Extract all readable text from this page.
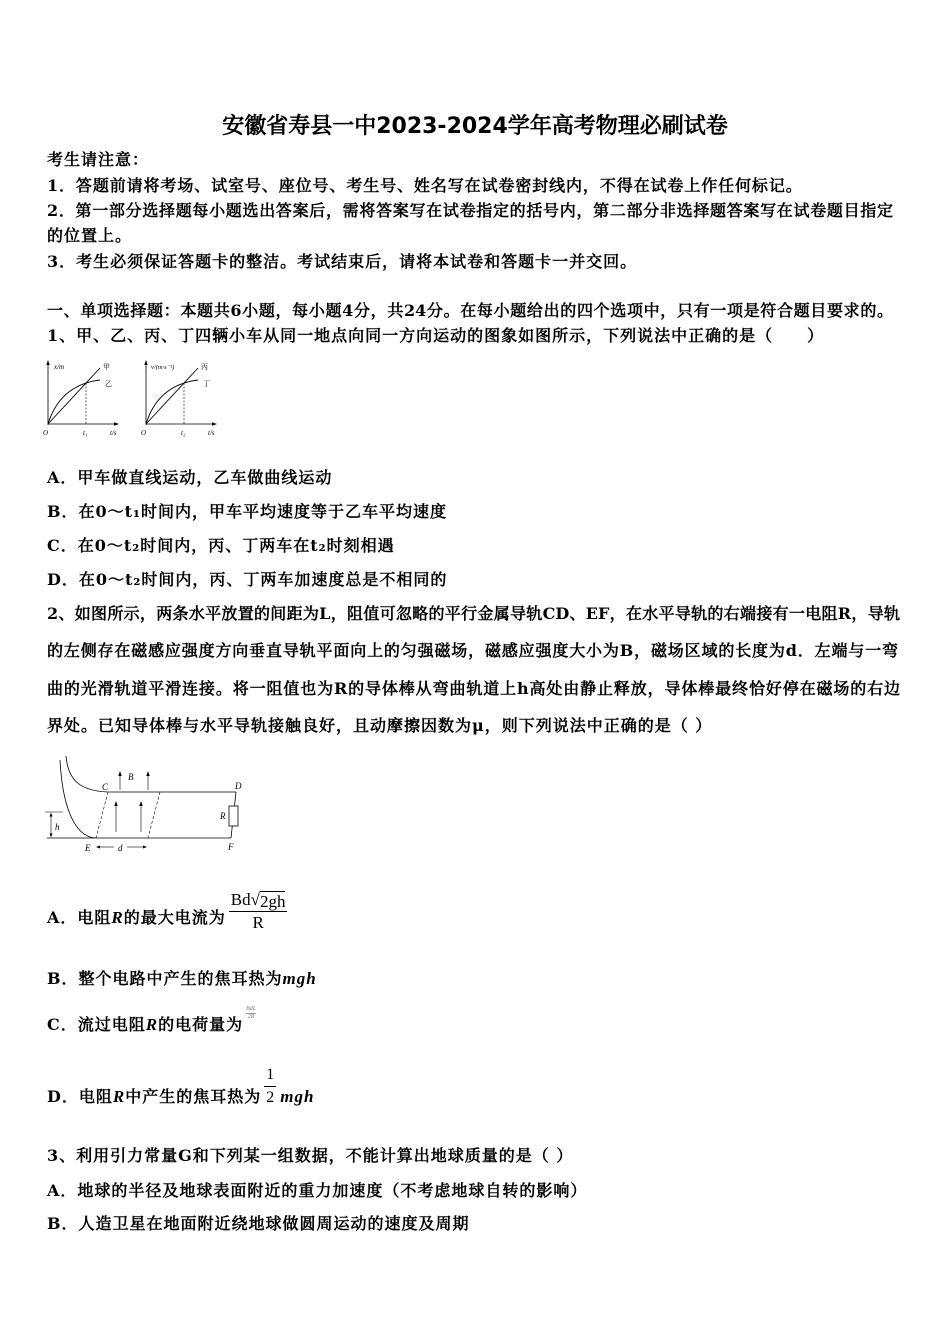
安徽省寿县一中2023-2024学年高考物理必刷试卷
考生请注意：
1．答题前请将考场、试室号、座位号、考生号、姓名写在试卷密封线内，不得在试卷上作任何标记。
2．第一部分选择题每小题选出答案后，需将答案写在试卷指定的括号内，第二部分非选择题答案写在试卷题目指定
的位置上。
3．考生必须保证答题卡的整洁。考试结束后，请将本试卷和答题卡一并交回。
一、单项选择题：本题共6小题，每小题4分，共24分。在每小题给出的四个选项中，只有一项是符合题目要求的。
1、甲、乙、丙、丁四辆小车从同一地点向同一方向运动的图象如图所示，下列说法中正确的是（　　）
x/m
O	t₁	t/s
甲
乙
v/(m·s⁻¹)
O	t₂	t/s
丙
丁
A．甲车做直线运动，乙车做曲线运动
B．在0～t₁时间内，甲车平均速度等于乙车平均速度
C．在0～t₂时间内，丙、丁两车在t₂时刻相遇
D．在0～t₂时间内，丙、丁两车加速度总是不相同的
2、如图所示，两条水平放置的间距为L，阻值可忽略的平行金属导轨CD、EF，在水平导轨的右端接有一电阻R，导轨
的左侧存在磁感应强度方向垂直导轨平面向上的匀强磁场，磁感应强度大小为B，磁场区域的长度为d．左端与一弯
曲的光滑轨道平滑连接。将一阻值也为R的导体棒从弯曲轨道上h高处由静止释放，导体棒最终恰好停在磁场的右边
界处。已知导体棒与水平导轨接触良好，且动摩擦因数为μ，则下列说法中正确的是（ ）
B
C	D
R
h
E	d	F
A．电阻 R 的最大电流为 $\frac{Bd √ 2gh}{R}$
B．整个电路中产生的焦耳热为 mgh
C．流过电阻 R 的电荷量为
$\frac{\text{BdL}}{2R}$
D．电阻 R 中产生的焦耳热为 $\frac{1}{2}$ mgh
3、利用引力常量G和下列某一组数据，不能计算出地球质量的是（ ）
A．地球的半径及地球表面附近的重力加速度（不考虑地球自转的影响）
B．人造卫星在地面附近绕地球做圆周运动的速度及周期
